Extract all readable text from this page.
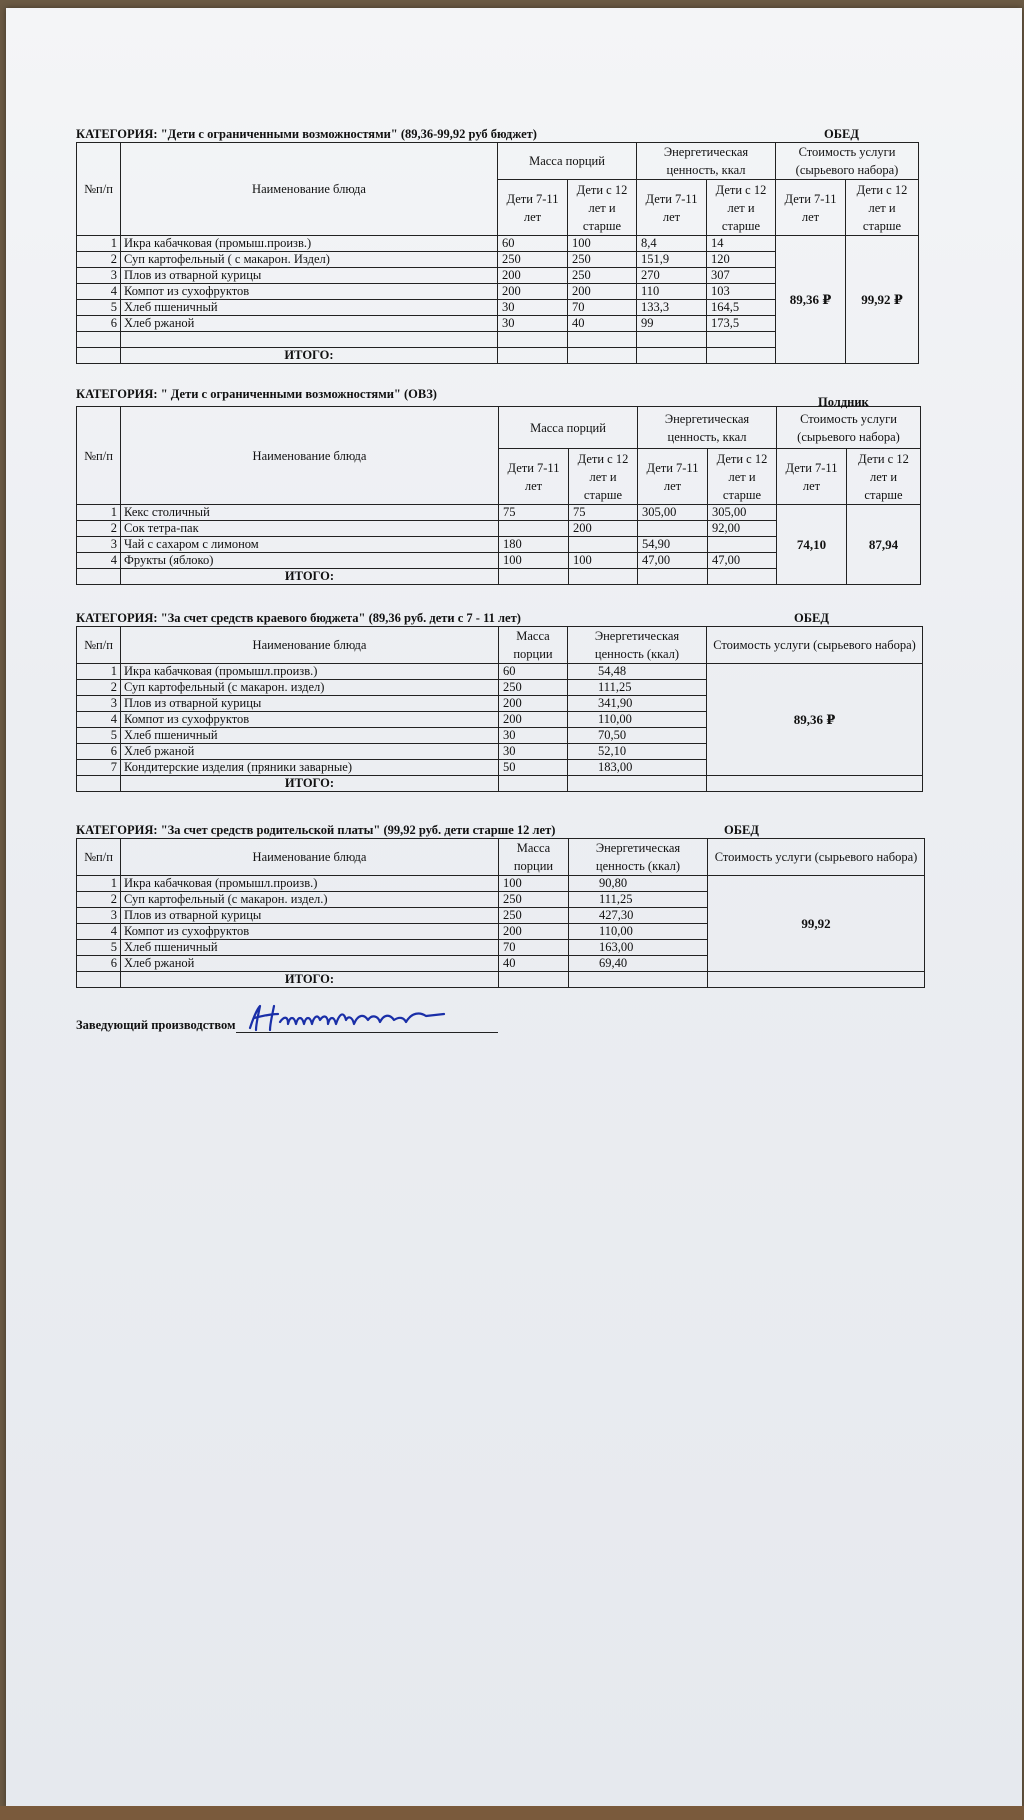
КАТЕГОРИЯ: "Дети с ограниченными возможностями" (89,36-99,92 руб бюджет)	ОБЕД
№п/п	Наименование блюда	Масса порций		Энергетическая ценность, ккал		Стоимость услуги (сырьевого набора)	
		Дети 7-11 лет	Дети с 12 лет и старше	Дети 7-11 лет	Дети с 12 лет и старше	Дети 7-11 лет	Дети с 12 лет и старше
1	Икра кабачковая (промыш.произв.)	60	100	8,4	14	89,36 ₽	99,92 ₽
2	Суп картофельный ( с макарон. Издел)	250	250	151,9	120		
3	Плов из отварной курицы	200	250	270	307		
4	Компот из сухофруктов	200	200	110	103		
5	Хлеб пшеничный	30	70	133,3	164,5		
6	Хлеб ржаной	30	40	99	173,5		

	ИТОГО:						
КАТЕГОРИЯ: " Дети с ограниченными возможностями" (ОВЗ)
Полдник
№п/п	Наименование блюда	Масса порций		Энергетическая ценность, ккал		Стоимость услуги (сырьевого набора)	
		Дети 7-11 лет	Дети с 12 лет и старше	Дети 7-11 лет	Дети с 12 лет и старше	Дети 7-11 лет	Дети с 12 лет и старше
1	Кекс столичный	75	75	305,00	305,00	74,10	87,94
2	Сок тетра-пак		200		92,00		
3	Чай с сахаром с лимоном	180		54,90			
4	Фрукты (яблоко)	100	100	47,00	47,00		
	ИТОГО:						
КАТЕГОРИЯ: "За счет средств краевого бюджета" (89,36 руб. дети с 7 - 11 лет)	ОБЕД
№п/п	Наименование блюда	Масса порции	Энергетическая ценность (ккал)	Стоимость услуги (сырьевого набора)
1	Икра кабачковая (промышл.произв.)	60	54,48	89,36 ₽
2	Суп картофельный (с макарон. издел)	250	111,25	
3	Плов из отварной курицы	200	341,90	
4	Компот из сухофруктов	200	110,00	
5	Хлеб пшеничный	30	70,50	
6	Хлеб ржаной	30	52,10	
7	Кондитерские изделия (пряники заварные)	50	183,00	
	ИТОГО:			
КАТЕГОРИЯ: "За счет средств родительской платы" (99,92 руб. дети старше 12 лет)	ОБЕД
№п/п	Наименование блюда	Масса порции	Энергетическая ценность (ккал)	Стоимость услуги (сырьевого набора)
1	Икра кабачковая (промышл.произв.)	100	90,80	99,92
2	Суп картофельный (с макарон. издел.)	250	111,25	
3	Плов из отварной курицы	250	427,30	
4	Компот из сухофруктов	200	110,00	
5	Хлеб пшеничный	70	163,00	
6	Хлеб ржаной	40	69,40	
	ИТОГО:			
Заведующий производством
